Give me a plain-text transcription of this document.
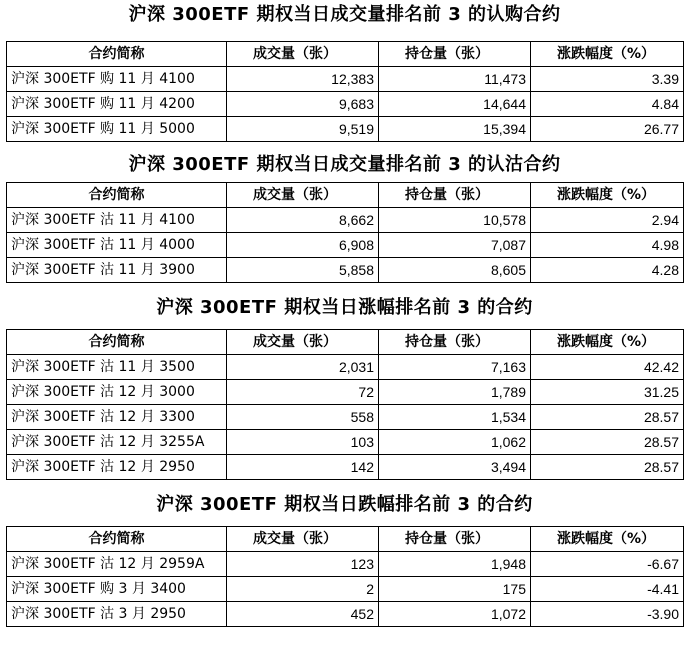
沪深 300ETF 期权当日成交量排名前 3 的认购合约
合约简称	成交量（张）	持仓量（张）	涨跌幅度（%）
沪深 300ETF 购 11 月 4100	12,383	11,473	3.39
沪深 300ETF 购 11 月 4200	9,683	14,644	4.84
沪深 300ETF 购 11 月 5000	9,519	15,394	26.77
沪深 300ETF 期权当日成交量排名前 3 的认沽合约
合约简称	成交量（张）	持仓量（张）	涨跌幅度（%）
沪深 300ETF 沽 11 月 4100	8,662	10,578	2.94
沪深 300ETF 沽 11 月 4000	6,908	7,087	4.98
沪深 300ETF 沽 11 月 3900	5,858	8,605	4.28
沪深 300ETF 期权当日涨幅排名前 3 的合约
合约简称	成交量（张）	持仓量（张）	涨跌幅度（%）
沪深 300ETF 沽 11 月 3500	2,031	7,163	42.42
沪深 300ETF 沽 12 月 3000	72	1,789	31.25
沪深 300ETF 沽 12 月 3300	558	1,534	28.57
沪深 300ETF 沽 12 月 3255A	103	1,062	28.57
沪深 300ETF 沽 12 月 2950	142	3,494	28.57
沪深 300ETF 期权当日跌幅排名前 3 的合约
合约简称	成交量（张）	持仓量（张）	涨跌幅度（%）
沪深 300ETF 沽 12 月 2959A	123	1,948	-6.67
沪深 300ETF 购 3 月 3400	2	175	-4.41
沪深 300ETF 沽 3 月 2950	452	1,072	-3.90
